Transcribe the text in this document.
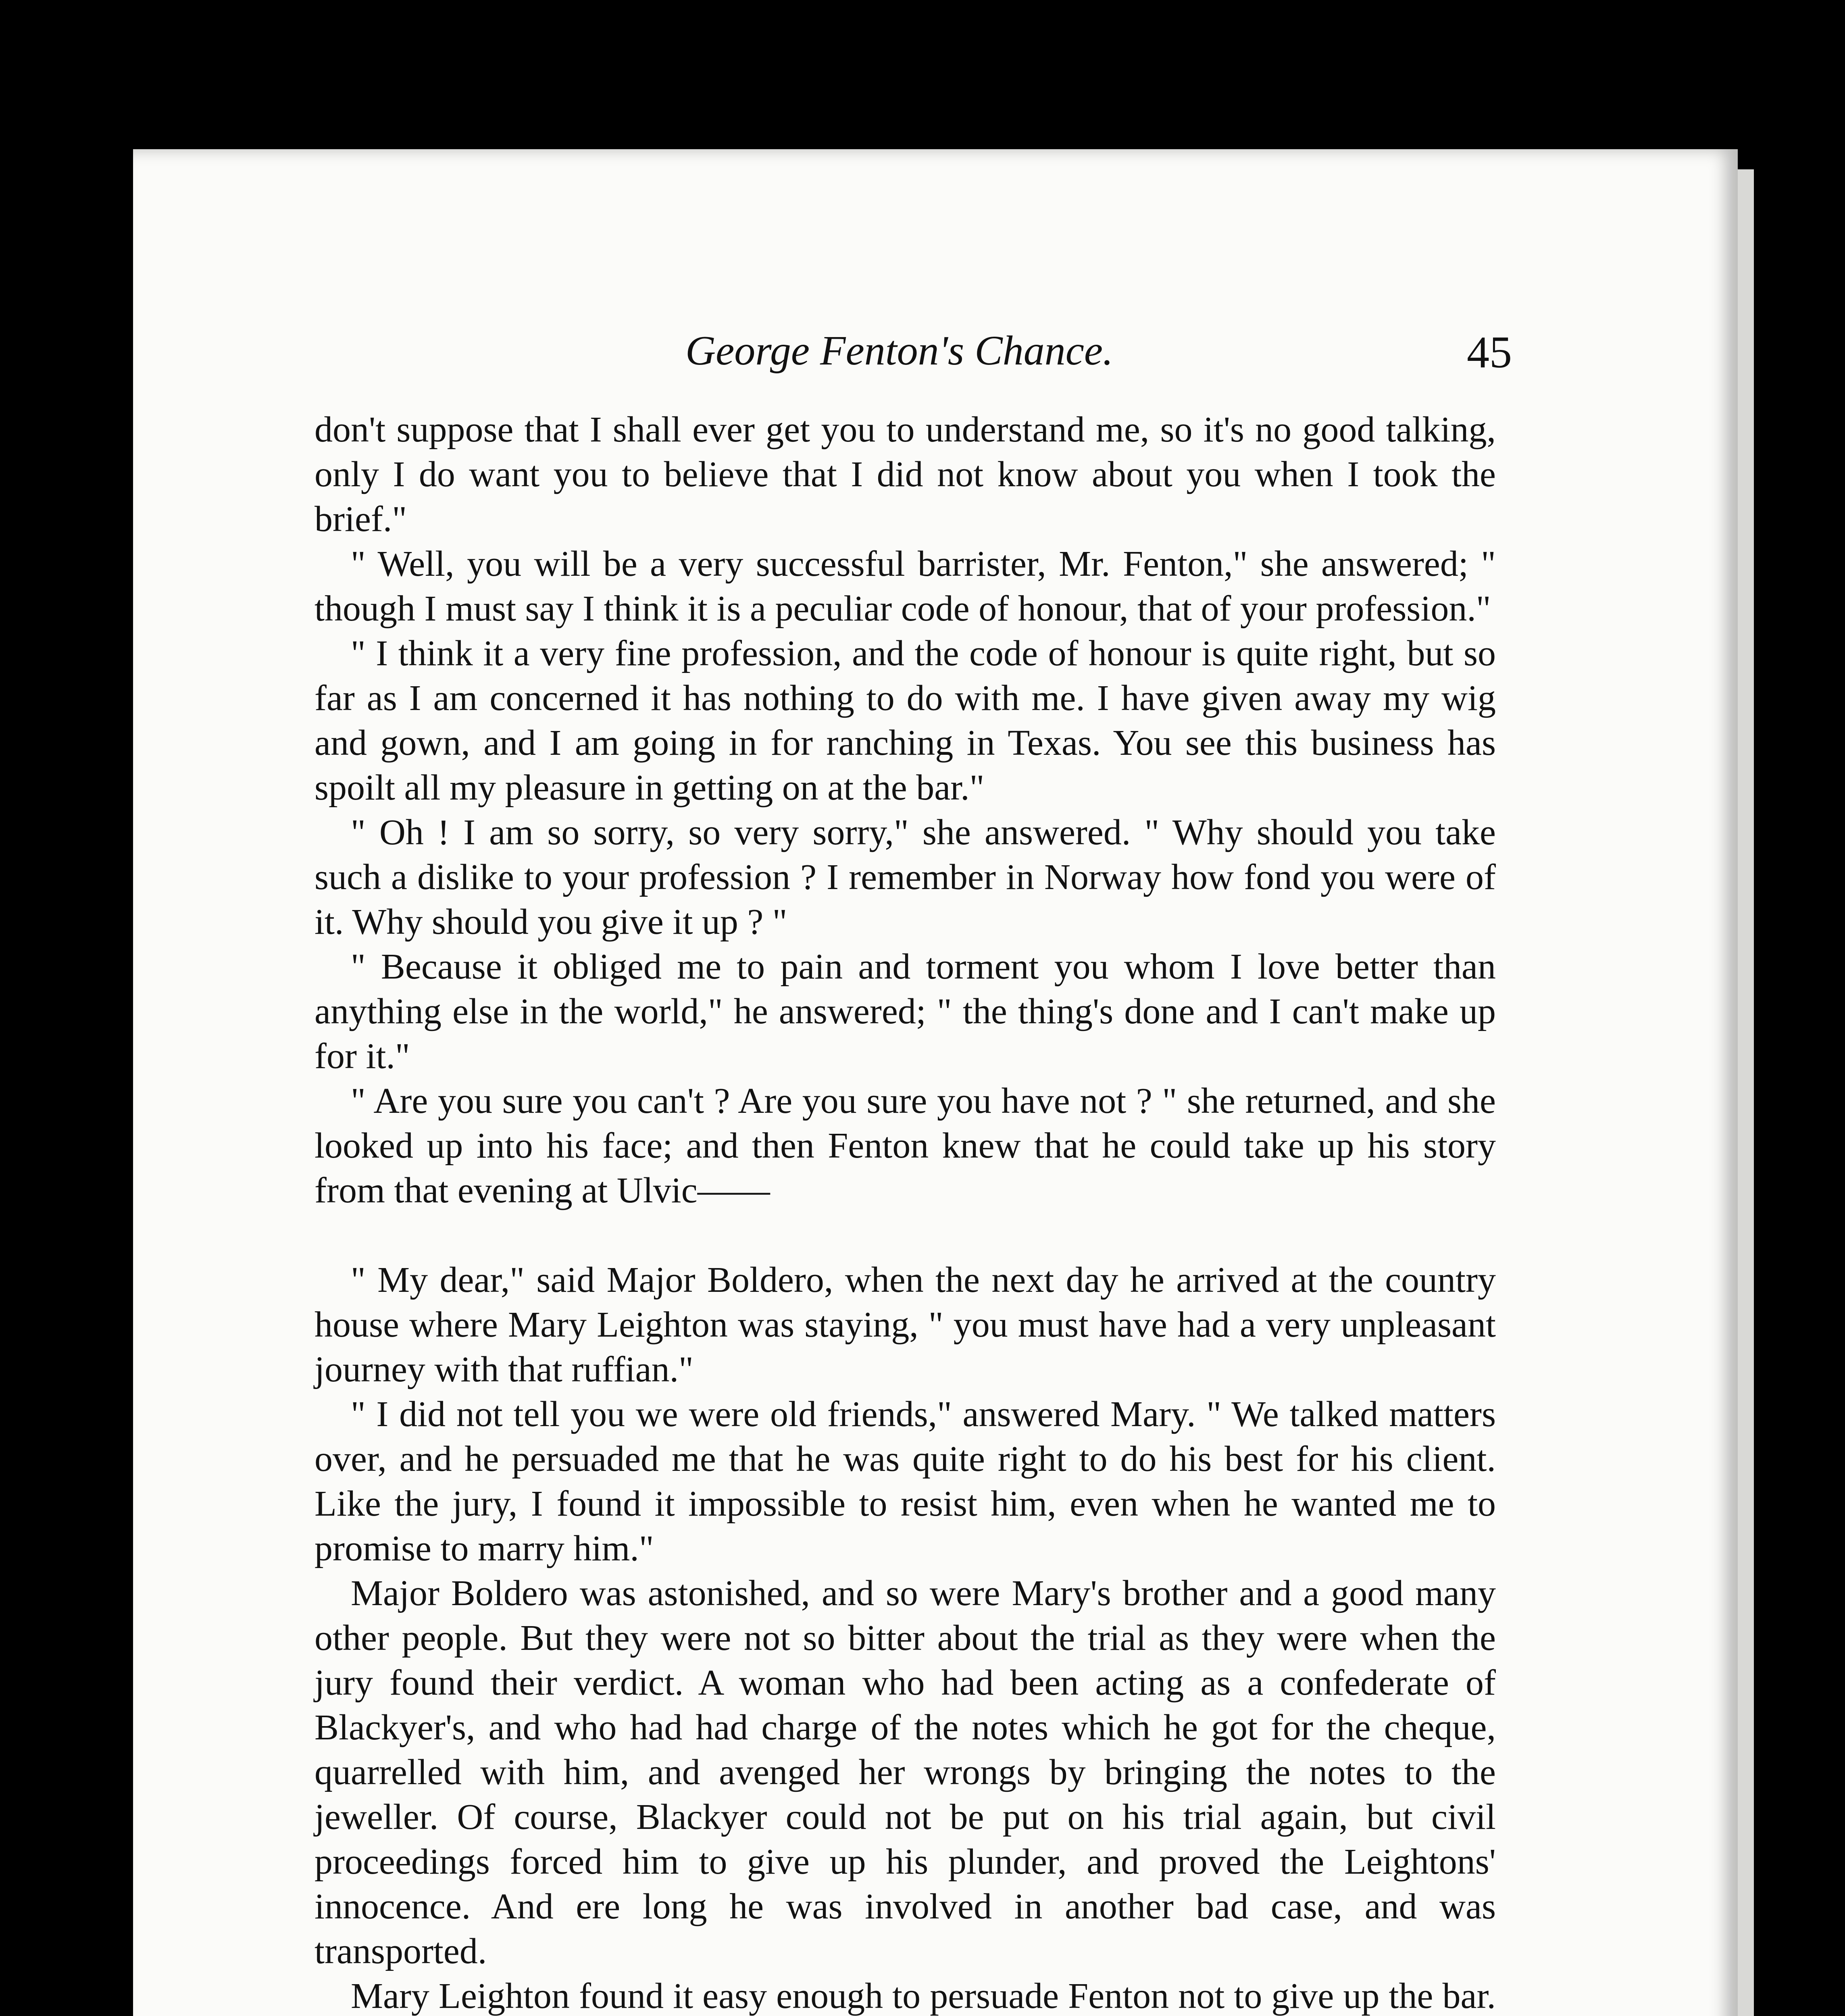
George Fenton's Chance.	45

don't suppose that I shall ever get you to understand me, so it's no good talking, only I do want you to believe that I did not know about you when I took the brief."

" Well, you will be a very successful barrister, Mr. Fenton," she answered; " though I must say I think it is a peculiar code of honour, that of your profession."

" I think it a very fine profession, and the code of honour is quite right, but so far as I am concerned it has nothing to do with me. I have given away my wig and gown, and I am going in for ranching in Texas. You see this business has spoilt all my pleasure in getting on at the bar."

" Oh ! I am so sorry, so very sorry," she answered. " Why should you take such a dislike to your profession ? I remember in Norway how fond you were of it. Why should you give it up ? "

" Because it obliged me to pain and torment you whom I love better than anything else in the world," he answered; " the thing's done and I can't make up for it."

" Are you sure you can't ? Are you sure you have not ? " she returned, and she looked up into his face; and then Fenton knew that he could take up his story from that evening at Ulvic——

" My dear," said Major Boldero, when the next day he arrived at the country house where Mary Leighton was staying, " you must have had a very unpleasant journey with that ruffian."

" I did not tell you we were old friends," answered Mary. " We talked matters over, and he persuaded me that he was quite right to do his best for his client. Like the jury, I found it impossible to resist him, even when he wanted me to promise to marry him."

Major Boldero was astonished, and so were Mary's brother and a good many other people. But they were not so bitter about the trial as they were when the jury found their verdict. A woman who had been acting as a confederate of Blackyer's, and who had had charge of the notes which he got for the cheque, quarrelled with him, and avenged her wrongs by bringing the notes to the jeweller. Of course, Blackyer could not be put on his trial again, but civil proceedings forced him to give up his plunder, and proved the Leightons' innocence. And ere long he was involved in another bad case, and was transported.

Mary Leighton found it easy enough to persuade Fenton not to give up the bar.
